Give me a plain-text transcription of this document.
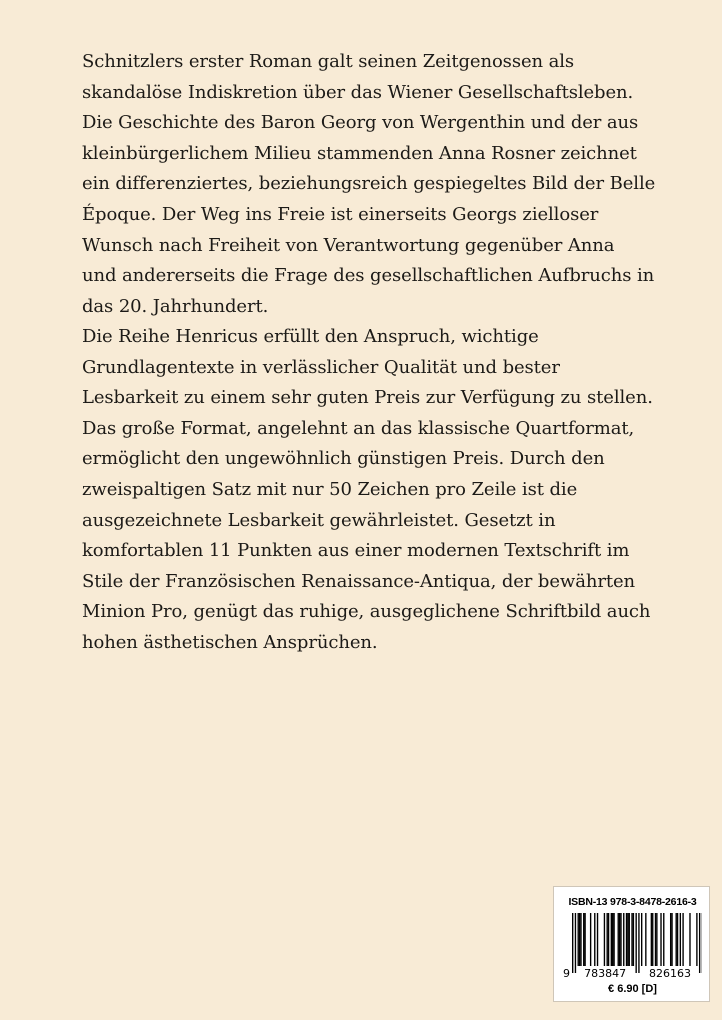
Schnitzlers erster Roman galt seinen Zeitgenossen als
skandalöse Indiskretion über das Wiener Gesellschaftsleben.
Die Geschichte des Baron Georg von Wergenthin und der aus
kleinbürgerlichem Milieu stammenden Anna Rosner zeichnet
ein differenziertes, beziehungsreich gespiegeltes Bild der Belle
Époque. Der Weg ins Freie ist einerseits Georgs zielloser
Wunsch nach Freiheit von Verantwortung gegenüber Anna
und andererseits die Frage des gesellschaftlichen Aufbruchs in
das 20. Jahrhundert.
Die Reihe Henricus erfüllt den Anspruch, wichtige
Grundlagentexte in verlässlicher Qualität und bester
Lesbarkeit zu einem sehr guten Preis zur Verfügung zu stellen.
Das große Format, angelehnt an das klassische Quartformat,
ermöglicht den ungewöhnlich günstigen Preis. Durch den
zweispaltigen Satz mit nur 50 Zeichen pro Zeile ist die
ausgezeichnete Lesbarkeit gewährleistet. Gesetzt in
komfortablen 11 Punkten aus einer modernen Textschrift im
Stile der Französischen Renaissance-Antiqua, der bewährten
Minion Pro, genügt das ruhige, ausgeglichene Schriftbild auch
hohen ästhetischen Ansprüchen.
ISBN-13 978-3-8478-2616-3
9 783847 826163
€ 6.90 [D]
